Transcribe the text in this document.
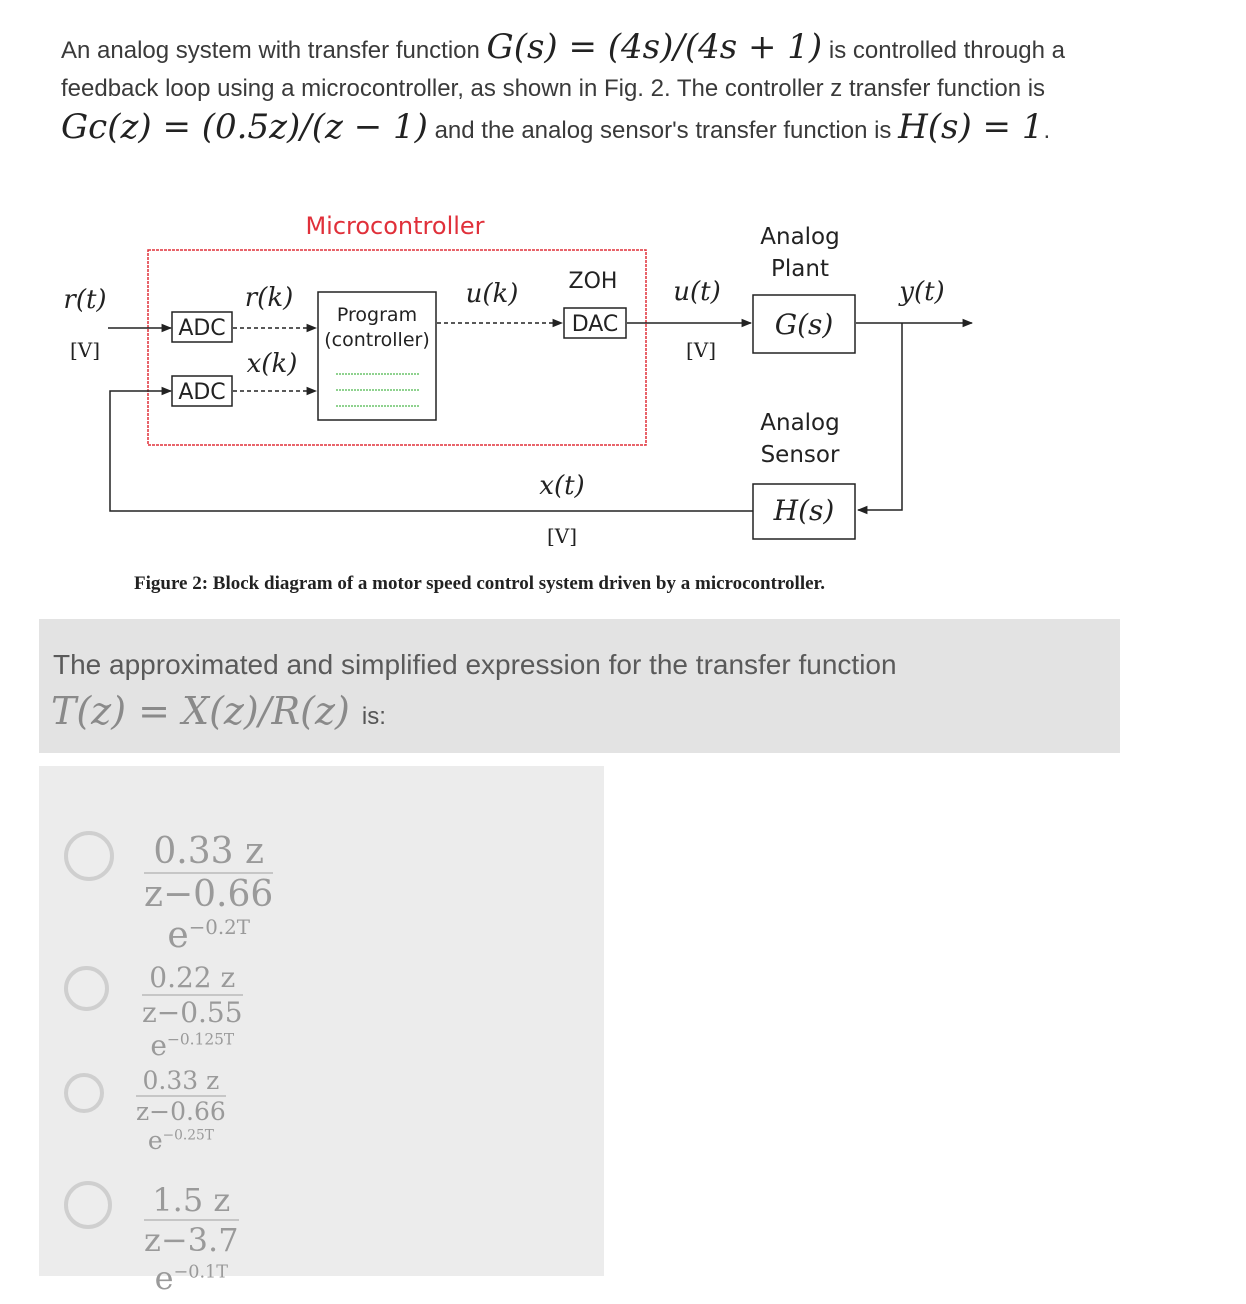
An analog system with transfer function G(s) = (4s)/(4s + 1) is controlled through a feedback loop using a microcontroller, as shown in Fig. 2. The controller z transfer function is Gc(z) = (0.5z)/(z − 1) and the analog sensor's transfer function is H(s) = 1.
Microcontroller
r(t)
[V]
ADC
r(k)
ADC
x(k)
Program
(controller)
u(k) ZOH
DAC
u(t)
[V]
Analog
Plant
G(s)
y(t)
Analog
Sensor
H(s)
x(t)
[V]
Figure 2: Block diagram of a motor speed control system driven by a microcontroller.
The approximated and simplified expression for the transfer function
T(z) = X(z)/R(z) is:
$\frac{0.33 z}{z-0.66 e^{-0.2T}}$
$\frac{0.22 z}{z-0.55 e^{-0.125T}}$
$\frac{0.33 z}{z-0.66 e^{-0.25T}}$
$\frac{1.5 z}{z-3.7 e^{-0.1T}}$
